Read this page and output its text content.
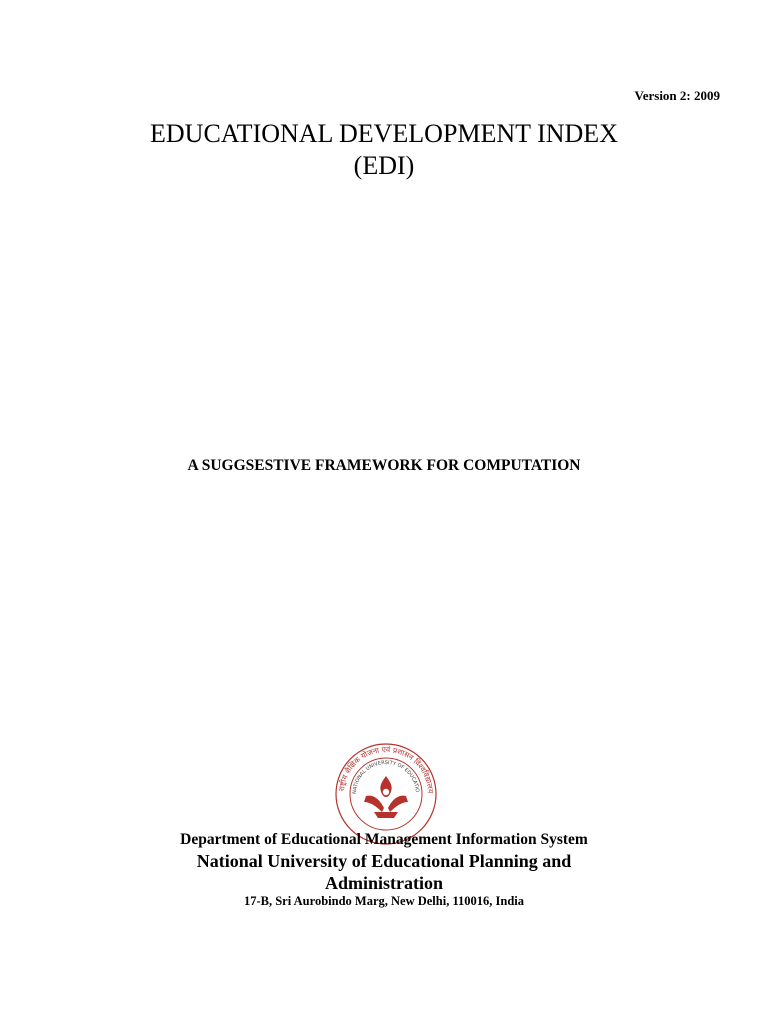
Version 2: 2009
EDUCATIONAL DEVELOPMENT INDEX
(EDI)
A SUGGSESTIVE FRAMEWORK FOR COMPUTATION
राष्ट्रीय शैक्षिक योजना एवं प्रशासन विश्वविद्यालय
NATIONAL UNIVERSITY OF EDUCATIO
Department of Educational Management Information System
National University of Educational Planning and
Administration
17-B, Sri Aurobindo Marg, New Delhi, 110016, India
